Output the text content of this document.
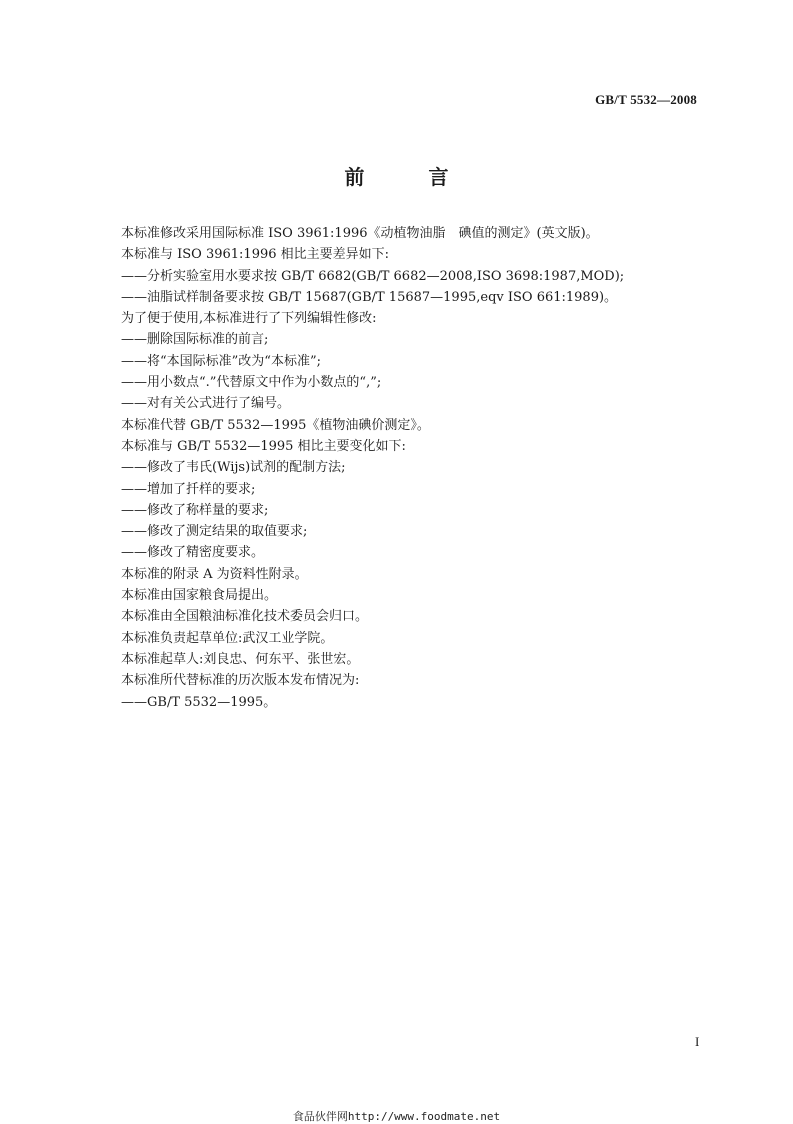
GB/T 5532—2008
前　言
本标准修改采用国际标准 ISO 3961:1996《动植物油脂　碘值的测定》(英文版)。
本标准与 ISO 3961:1996 相比主要差异如下:
——分析实验室用水要求按 GB/T 6682(GB/T 6682—2008,ISO 3698:1987,MOD);
——油脂试样制备要求按 GB/T 15687(GB/T 15687—1995,eqv ISO 661:1989)。
为了便于使用,本标准进行了下列编辑性修改:
——删除国际标准的前言;
——将“本国际标准”改为“本标准”;
——用小数点“.”代替原文中作为小数点的“,”;
——对有关公式进行了编号。
本标准代替 GB/T 5532—1995《植物油碘价测定》。
本标准与 GB/T 5532—1995 相比主要变化如下:
——修改了韦氏(Wijs)试剂的配制方法;
——增加了扦样的要求;
——修改了称样量的要求;
——修改了测定结果的取值要求;
——修改了精密度要求。
本标准的附录 A 为资料性附录。
本标准由国家粮食局提出。
本标准由全国粮油标准化技术委员会归口。
本标准负责起草单位:武汉工业学院。
本标准起草人:刘良忠、何东平、张世宏。
本标准所代替标准的历次版本发布情况为:
——GB/T 5532—1995。
I
食品伙伴网http://www.foodmate.net
